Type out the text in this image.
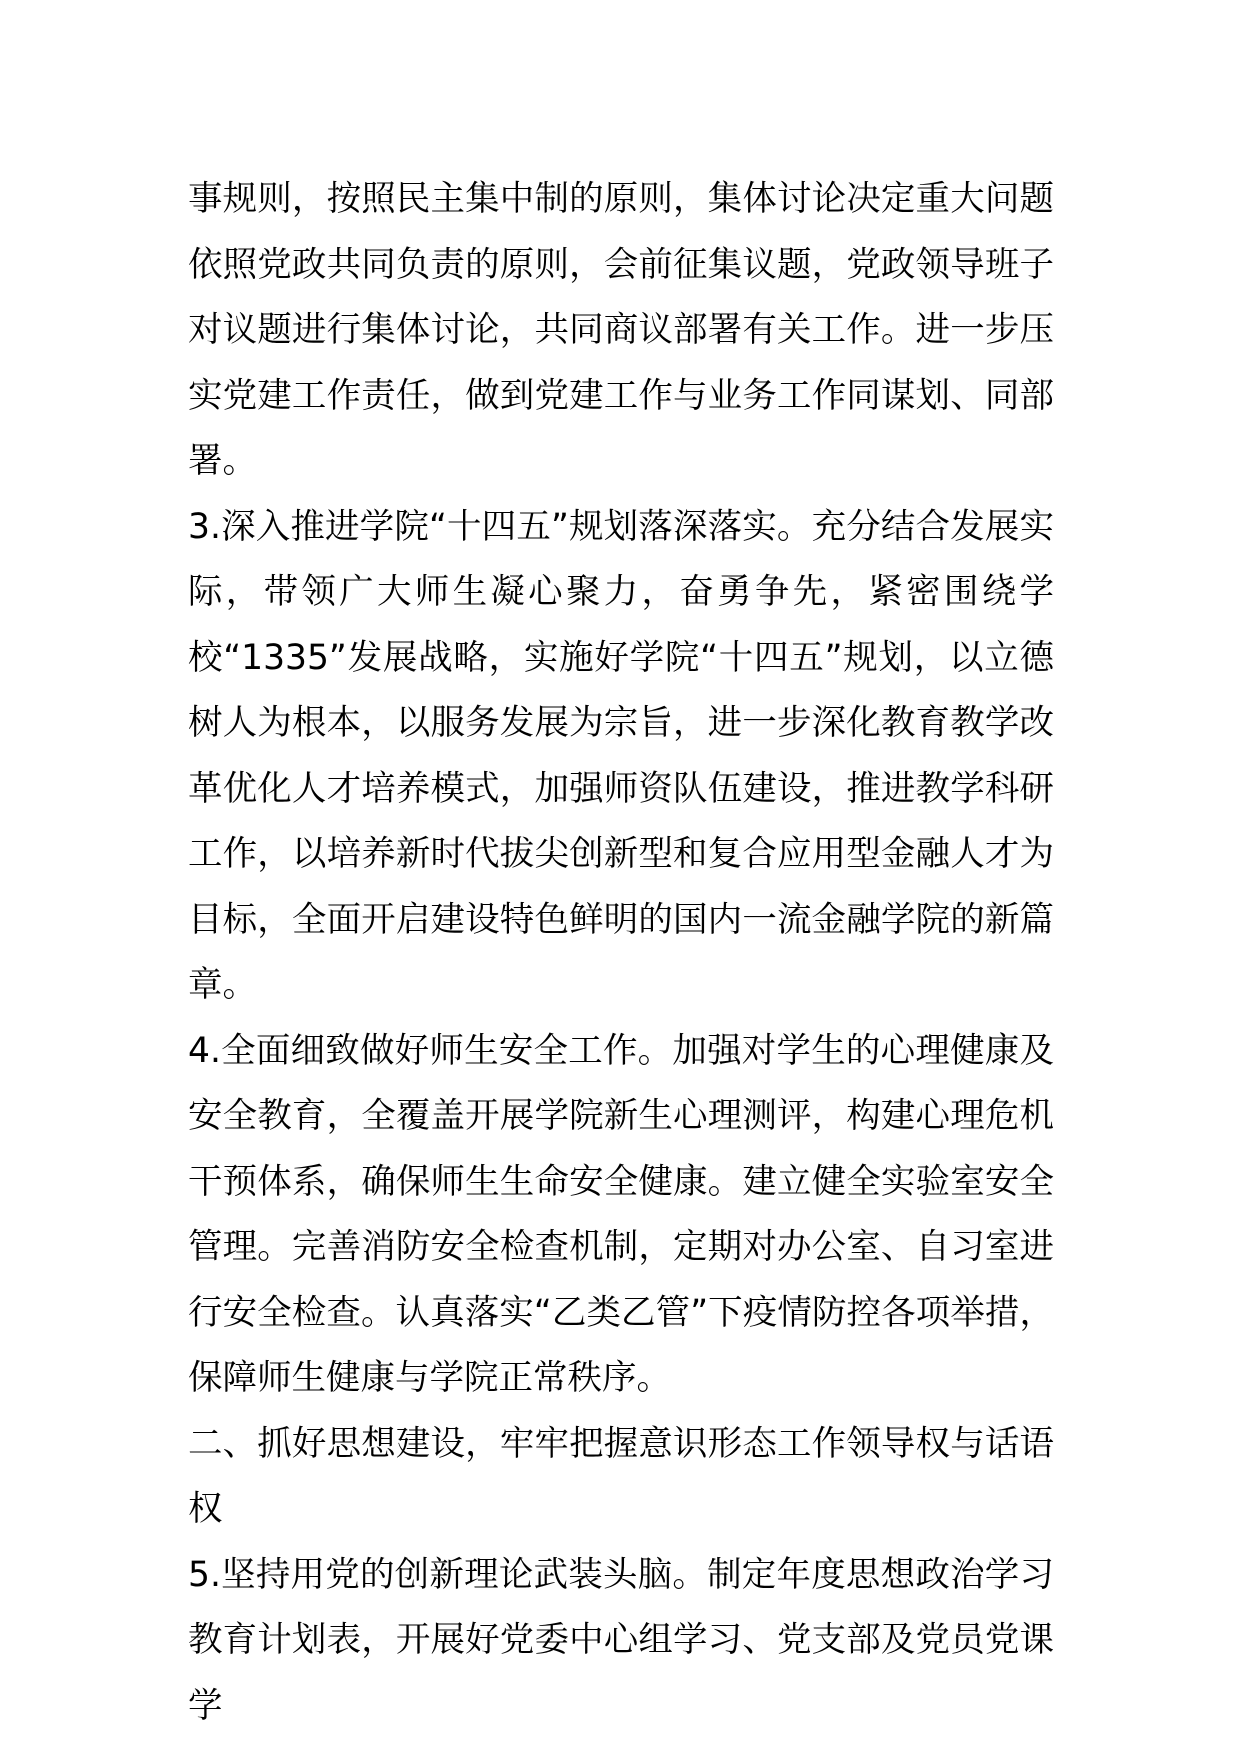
事规则，按照民主集中制的原则，集体讨论决定重大问题依照党政共同负责的原则，会前征集议题，党政领导班子对议题进行集体讨论，共同商议部署有关工作。进一步压实党建工作责任，做到党建工作与业务工作同谋划、同部署。

3.深入推进学院“十四五”规划落深落实。充分结合发展实际，带领广大师生凝心聚力，奋勇争先，紧密围绕学校“1335”发展战略，实施好学院“十四五”规划，以立德树人为根本，以服务发展为宗旨，进一步深化教育教学改革优化人才培养模式，加强师资队伍建设，推进教学科研工作，以培养新时代拔尖创新型和复合应用型金融人才为目标，全面开启建设特色鲜明的国内一流金融学院的新篇章。

4.全面细致做好师生安全工作。加强对学生的心理健康及安全教育，全覆盖开展学院新生心理测评，构建心理危机干预体系，确保师生生命安全健康。建立健全实验室安全管理。完善消防安全检查机制，定期对办公室、自习室进行安全检查。认真落实“乙类乙管”下疫情防控各项举措，保障师生健康与学院正常秩序。

二、抓好思想建设，牢牢把握意识形态工作领导权与话语权

5.坚持用党的创新理论武装头脑。制定年度思想政治学习教育计划表，开展好党委中心组学习、党支部及党员党课学
